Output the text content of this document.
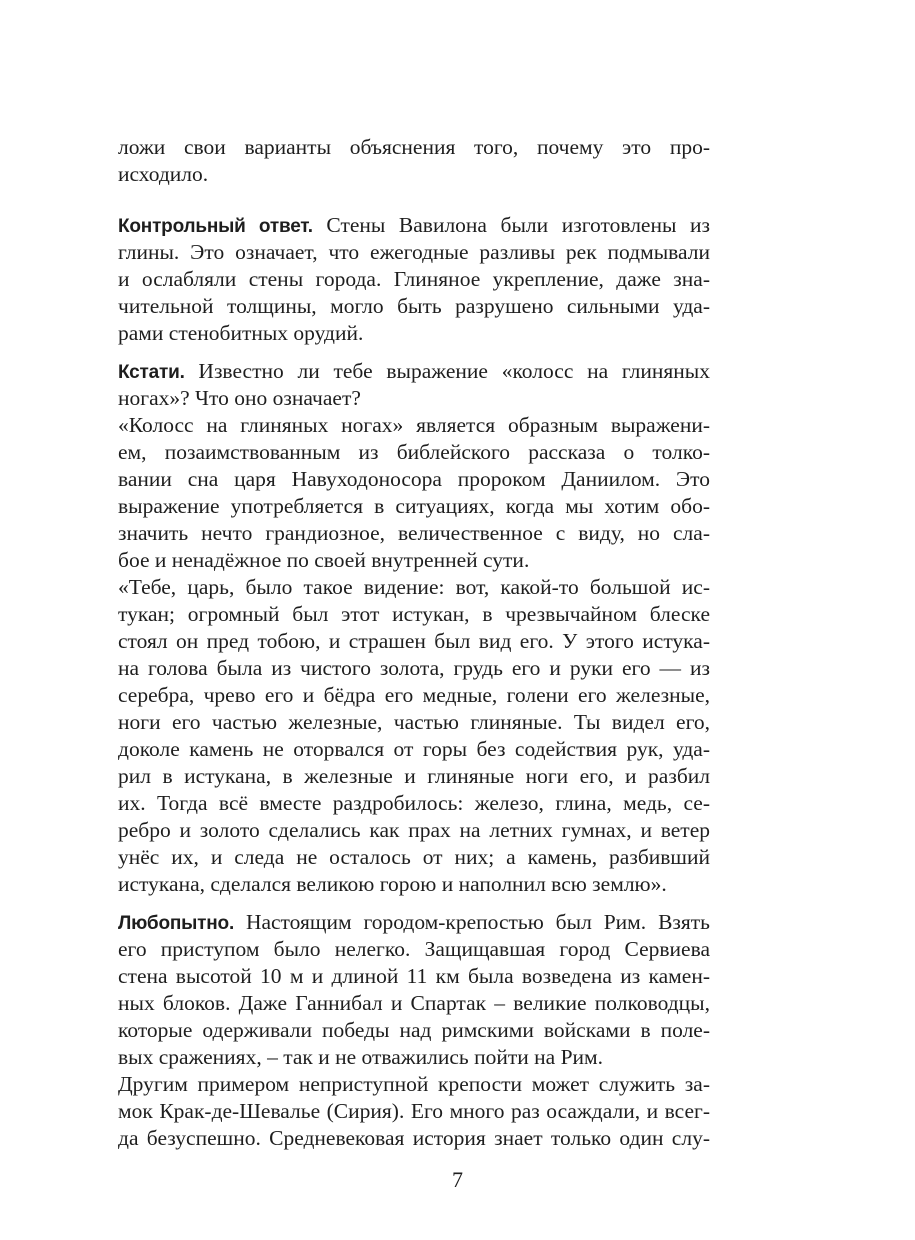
ложи свои варианты объяснения того, почему это про-
исходило.
Контрольный ответ. Стены Вавилона были изготовлены из
глины. Это означает, что ежегодные разливы рек подмывали
и ослабляли стены города. Глиняное укрепление, даже зна-
чительной толщины, могло быть разрушено сильными уда-
рами стенобитных орудий.
Кстати. Известно ли тебе выражение «колосс на глиняных
ногах»? Что оно означает?
«Колосс на глиняных ногах» является образным выражени-
ем, позаимствованным из библейского рассказа о толко-
вании сна царя Навуходоносора пророком Даниилом. Это
выражение употребляется в ситуациях, когда мы хотим обо-
значить нечто грандиозное, величественное с виду, но сла-
бое и ненадёжное по своей внутренней сути.
«Тебе, царь, было такое видение: вот, какой-то большой ис-
тукан; огромный был этот истукан, в чрезвычайном блеске
стоял он пред тобою, и страшен был вид его. У этого истука-
на голова была из чистого золота, грудь его и руки его — из
серебра, чрево его и бёдра его медные, голени его железные,
ноги его частью железные, частью глиняные. Ты видел его,
доколе камень не оторвался от горы без содействия рук, уда-
рил в истукана, в железные и глиняные ноги его, и разбил
их. Тогда всё вместе раздробилось: железо, глина, медь, се-
ребро и золото сделались как прах на летних гумнах, и ветер
унёс их, и следа не осталось от них; а камень, разбивший
истукана, сделался великою горою и наполнил всю землю».
Любопытно. Настоящим городом-крепостью был Рим. Взять
его приступом было нелегко. Защищавшая город Сервиева
стена высотой 10 м и длиной 11 км была возведена из камен-
ных блоков. Даже Ганнибал и Спартак – великие полководцы,
которые одерживали победы над римскими войсками в поле-
вых сражениях, – так и не отважились пойти на Рим.
Другим примером неприступной крепости может служить за-
мок Крак-де-Шевалье (Сирия). Его много раз осаждали, и всег-
да безуспешно. Средневековая история знает только один слу-
7
